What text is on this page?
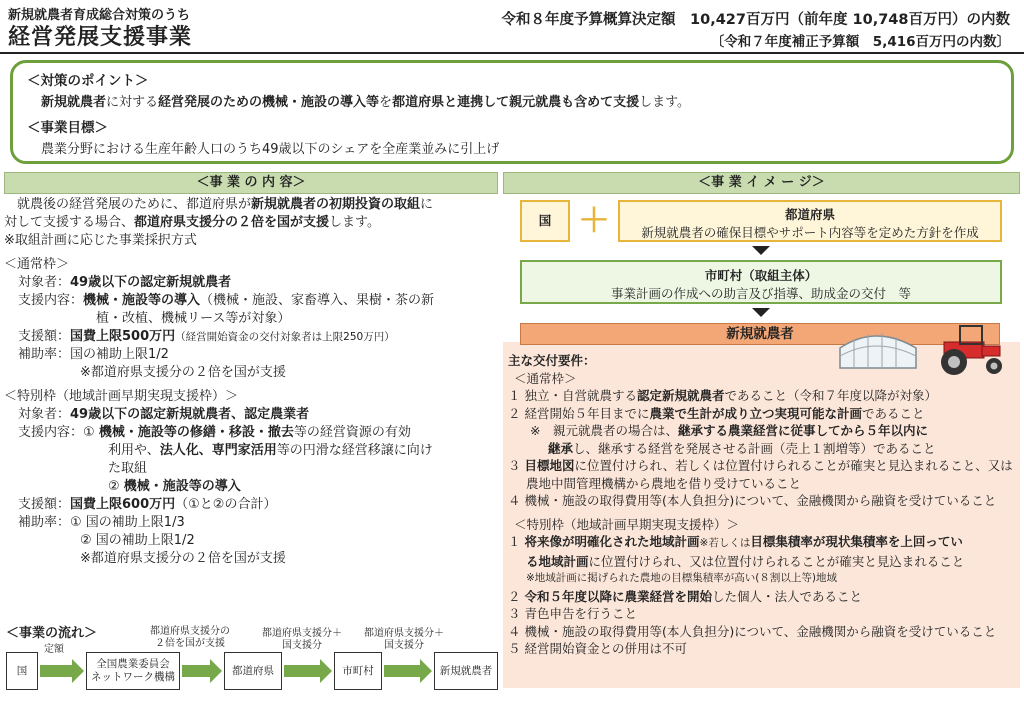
新規就農者育成総合対策のうち
経営発展支援事業
令和８年度予算概算決定額　10,427百万円（前年度 10,748百万円）の内数
〔令和７年度補正予算額　5,416百万円の内数〕
＜対策のポイント＞
新規就農者に対する経営発展のための機械・施設の導入等を都道府県と連携して親元就農も含めて支援します。
＜事業目標＞
農業分野における生産年齢人口のうち49歳以下のシェアを全産業並みに引上げ
＜事 業 の 内 容＞	＜事 業 イ メ ー ジ＞
　就農後の経営発展のために、都道府県が新規就農者の初期投資の取組に
対して支援する場合、都道府県支援分の２倍を国が支援します。
※取組計画に応じた事業採択方式
＜通常枠＞
対象者：49歳以下の認定新規就農者
支援内容：機械・施設等の導入（機械・施設、家畜導入、果樹・茶の新
植・改植、機械リース等が対象）
支援額：国費上限500万円（経営開始資金の交付対象者は上限250万円）
補助率：国の補助上限1/2
※都道府県支援分の２倍を国が支援
＜特別枠（地域計画早期実現支援枠）＞
対象者：49歳以下の認定新規就農者、認定農業者
支援内容：① 機械・施設等の修繕・移設・撤去等の経営資源の有効
利用や、法人化、専門家活用等の円滑な経営移譲に向け
た取組
② 機械・施設等の導入
支援額：国費上限600万円（①と②の合計）
補助率：① 国の補助上限1/3
② 国の補助上限1/2
※都道府県支援分の２倍を国が支援
＜事業の流れ＞
国
全国農業委員会
ネットワーク機構
都道府県	市町村	新規就農者
定額
都道府県支援分の
２倍を国が支援
都道府県支援分＋
国支援分
都道府県支援分＋
国支援分
国 ＋	都道府県
新規就農者の確保目標やサポート内容等を定めた方針を作成
市町村（取組主体）
事業計画の作成への助言及び指導、助成金の交付　等
新規就農者
主な交付要件：
＜通常枠＞
１ 独立・自営就農する認定新規就農者であること（令和７年度以降が対象）
２ 経営開始５年目までに農業で生計が成り立つ実現可能な計画であること
※　親元就農者の場合は、継承する農業経営に従事してから５年以内に
継承し、継承する経営を発展させる計画（売上１割増等）であること
３ 目標地図に位置付けられ、若しくは位置付けられることが確実と見込まれること、又は
農地中間管理機構から農地を借り受けていること
４ 機械・施設の取得費用等(本人負担分)について、金融機関から融資を受けていること
＜特別枠（地域計画早期実現支援枠）＞
１ 将来像が明確化された地域計画※若しくは目標集積率が現状集積率を上回ってい
る地域計画に位置付けられ、又は位置付けられることが確実と見込まれること
※地域計画に掲げられた農地の目標集積率が高い(８割以上等)地域
２ 令和５年度以降に農業経営を開始した個人・法人であること
３ 青色申告を行うこと
４ 機械・施設の取得費用等(本人負担分)について、金融機関から融資を受けていること
５ 経営開始資金との併用は不可
